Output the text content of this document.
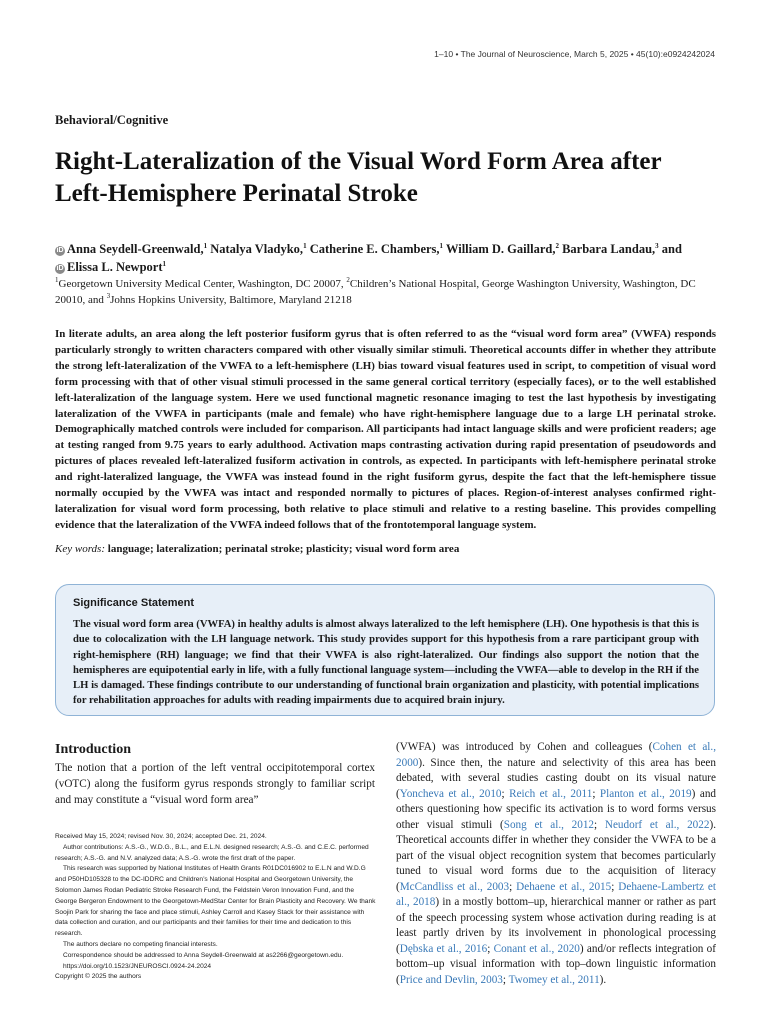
1–10 • The Journal of Neuroscience, March 5, 2025 • 45(10):e0924242024
Behavioral/Cognitive
Right-Lateralization of the Visual Word Form Area after
Left-Hemisphere Perinatal Stroke
iD Anna Seydell-Greenwald,$^1$ Natalya Vladyko,$^1$ Catherine E. Chambers,$^1$ William D. Gaillard,$^2$ Barbara Landau,$^3$ and
iD Elissa L. Newport$^1$
$^1$Georgetown University Medical Center, Washington, DC 20007, $^2$Children’s National Hospital, George Washington University, Washington, DC 20010, and $^3$Johns Hopkins University, Baltimore, Maryland 21218

In literate adults, an area along the left posterior fusiform gyrus that is often referred to as the “visual word form area” (VWFA) responds particularly strongly to written characters compared with other visually similar stimuli. Theoretical accounts differ in whether they attribute the strong left-lateralization of the VWFA to a left-hemisphere (LH) bias toward visual features used in script, to competition of visual word form processing with that of other visual stimuli processed in the same general cortical territory (especially faces), or to the well established left-lateralization of the language system. Here we used functional magnetic resonance imaging to test the last hypothesis by investigating lateralization of the VWFA in participants (male and female) who have right-hemisphere language due to a large LH perinatal stroke. Demographically matched controls were included for comparison. All participants had intact language skills and were proficient readers; age at testing ranged from 9.75 years to early adulthood. Activation maps contrasting activation during rapid presentation of pseudowords and pictures of places revealed left-lateralized fusiform activation in controls, as expected. In participants with left-hemisphere perinatal stroke and right-lateralized language, the VWFA was instead found in the right fusiform gyrus, despite the fact that the left-hemisphere tissue normally occupied by the VWFA was intact and responded normally to pictures of places. Region-of-interest analyses confirmed right-lateralization for visual word form processing, both relative to place stimuli and relative to a resting baseline. This provides compelling evidence that the lateralization of the VWFA indeed follows that of the frontotemporal language system.

Key words: language; lateralization; perinatal stroke; plasticity; visual word form area
Significance Statement

The visual word form area (VWFA) in healthy adults is almost always lateralized to the left hemisphere (LH). One hypothesis is that this is due to colocalization with the LH language network. This study provides support for this hypothesis from a rare participant group with right-hemisphere (RH) language; we find that their VWFA is also right-lateralized. Our findings also support the notion that the hemispheres are equipotential early in life, with a fully functional language system—including the VWFA—able to develop in the RH if the LH is damaged. These findings contribute to our understanding of functional brain organization and plasticity, with potential implications for rehabilitation approaches for adults with reading impairments due to acquired brain injury.

Introduction

The notion that a portion of the left ventral occipitotemporal cortex (vOTC) along the fusiform gyrus responds strongly to familiar script and may constitute a “visual word form area”

Received May 15, 2024; revised Nov. 30, 2024; accepted Dec. 21, 2024.

Author contributions: A.S.-G., W.D.G., B.L., and E.L.N. designed research; A.S.-G. and C.E.C. performed research; A.S.-G. and N.V. analyzed data; A.S.-G. wrote the first draft of the paper.

This research was supported by National Institutes of Health Grants R01DC016902 to E.L.N and W.D.G and P50HD105328 to the DC-IDDRC and Children’s National Hospital and Georgetown University, the Solomon James Rodan Pediatric Stroke Research Fund, the Feldstein Veron Innovation Fund, and the George Bergeron Endowment to the Georgetown-MedStar Center for Brain Plasticity and Recovery. We thank Soojin Park for sharing the face and place stimuli, Ashley Carroll and Kasey Stack for their assistance with data collection and curation, and our participants and their families for their time and dedication to this research.

The authors declare no competing financial interests.

Correspondence should be addressed to Anna Seydell-Greenwald at as2266@georgetown.edu.

https://doi.org/10.1523/JNEUROSCI.0924-24.2024

Copyright © 2025 the authors

(VWFA) was introduced by Cohen and colleagues (Cohen et al., 2000). Since then, the nature and selectivity of this area has been debated, with several studies casting doubt on its visual nature (Yoncheva et al., 2010; Reich et al., 2011; Planton et al., 2019) and others questioning how specific its activation is to word forms versus other visual stimuli (Song et al., 2012; Neudorf et al., 2022). Theoretical accounts differ in whether they consider the VWFA to be a part of the visual object recognition system that becomes particularly tuned to visual word forms due to the acquisition of literacy (McCandliss et al., 2003; Dehaene et al., 2015; Dehaene-Lambertz et al., 2018) in a mostly bottom–up, hierarchical manner or rather as part of the speech processing system whose activation during reading is at least partly driven by its involvement in phonological processing (Dębska et al., 2016; Conant et al., 2020) and/or reflects integration of bottom–up visual information with top–down linguistic information (Price and Devlin, 2003; Twomey et al., 2011).
